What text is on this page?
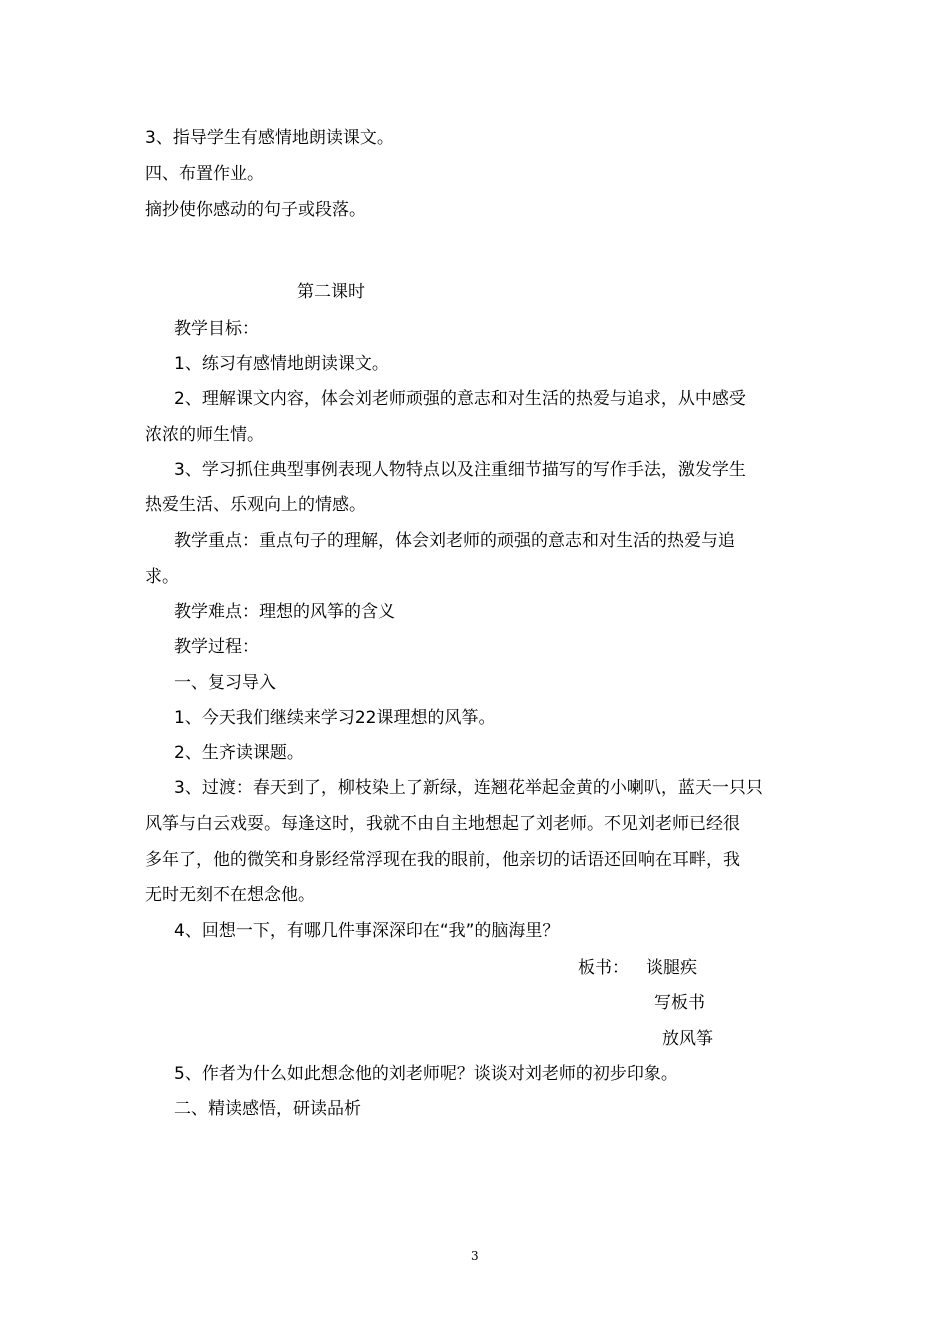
3、指导学生有感情地朗读课文。
四、布置作业。
摘抄使你感动的句子或段落。
第二课时
教学目标：
1、练习有感情地朗读课文。
2、理解课文内容，体会刘老师顽强的意志和对生活的热爱与追求，从中感受
浓浓的师生情。
3、学习抓住典型事例表现人物特点以及注重细节描写的写作手法，激发学生
热爱生活、乐观向上的情感。
教学重点：重点句子的理解，体会刘老师的顽强的意志和对生活的热爱与追
求。
教学难点：理想的风筝的含义
教学过程：
一、复习导入
1、今天我们继续来学习22课理想的风筝。
2、生齐读课题。
3、过渡：春天到了，柳枝染上了新绿，连翘花举起金黄的小喇叭，蓝天一只只
风筝与白云戏耍。每逢这时，我就不由自主地想起了刘老师。不见刘老师已经很
多年了，他的微笑和身影经常浮现在我的眼前，他亲切的话语还回响在耳畔，我
无时无刻不在想念他。
4、回想一下，有哪几件事深深印在“我”的脑海里？
板书： 谈腿疾
写板书
放风筝
5、作者为什么如此想念他的刘老师呢？谈谈对刘老师的初步印象。
二、精读感悟，研读品析
3
